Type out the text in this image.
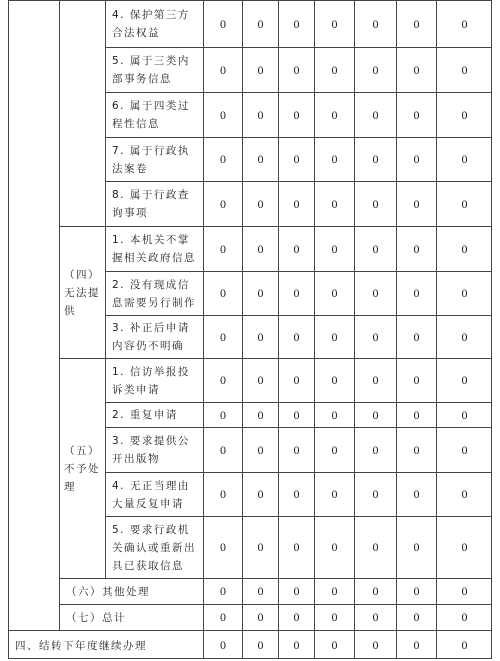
4. 保护第三方合法权益
0	0	0	0	0	0	0
5. 属于三类内部事务信息
0	0	0	0	0	0	0
6. 属于四类过程性信息
0	0	0	0	0	0	0
7. 属于行政执法案卷
0	0	0	0	0	0	0
8. 属于行政查询事项
0	0	0	0	0	0	0
（四）无法提供
1. 本机关不掌握相关政府信息
0	0	0	0	0	0	0
2. 没有现成信息需要另行制作
0	0	0	0	0	0	0
3. 补正后申请内容仍不明确
0	0	0	0	0	0	0
（五）不予处理
1. 信访举报投诉类申请
0	0	0	0	0	0	0
2. 重复申请	0	0	0	0	0	0	0
3. 要求提供公开出版物
0	0	0	0	0	0	0
4. 无正当理由大量反复申请
0	0	0	0	0	0	0
5. 要求行政机关确认或重新出具已获取信息
0	0	0	0	0	0	0
（六）其他处理	0	0	0	0	0	0	0
（七）总计	0	0	0	0	0	0	0
四、结转下年度继续办理	0	0	0	0	0	0	0
